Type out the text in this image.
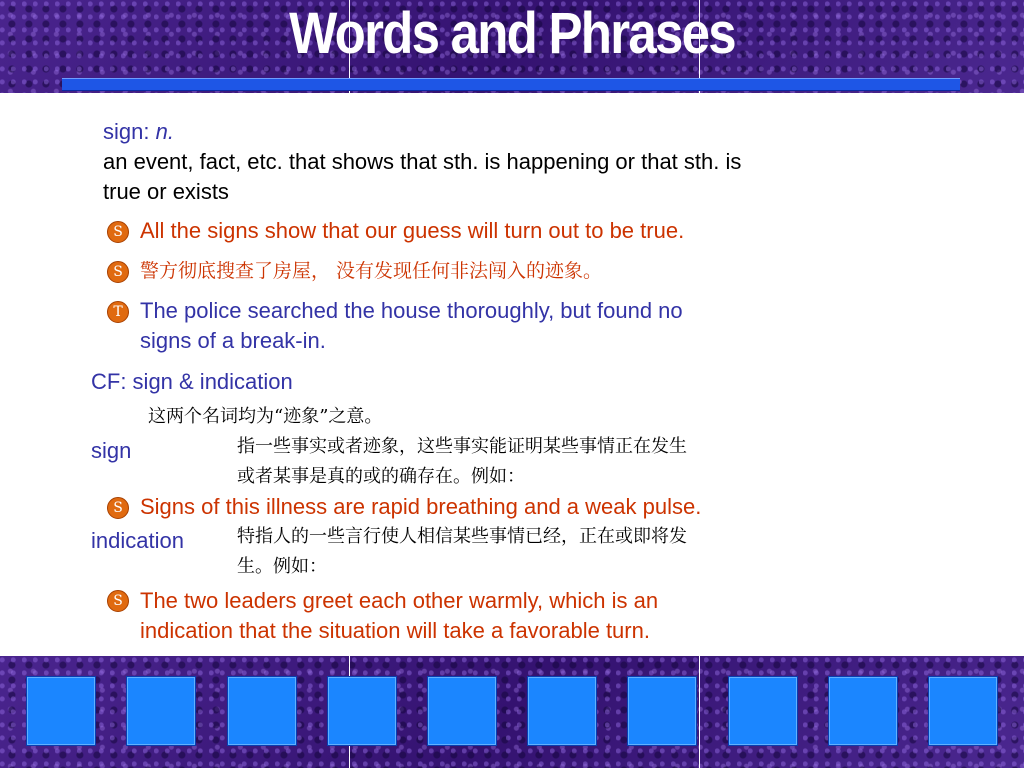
Words and Phrases
sign: n.
an event, fact, etc. that shows that sth. is happening or that sth. is
true or exists
S All the signs show that our guess will turn out to be true.
S 警方彻底搜查了房屋， 没有发现任何非法闯入的迹象。
T The police searched the house thoroughly, but found no
signs of a break-in.
CF: sign & indication
这两个名词均为“迹象”之意。
sign	指一些事实或者迹象，这些事实能证明某些事情正在发生
或者某事是真的或的确存在。例如：
S Signs of this illness are rapid breathing and a weak pulse.
indication	特指人的一些言行使人相信某些事情已经，正在或即将发
生。例如：
S The two leaders greet each other warmly, which is an
indication that the situation will take a favorable turn.
